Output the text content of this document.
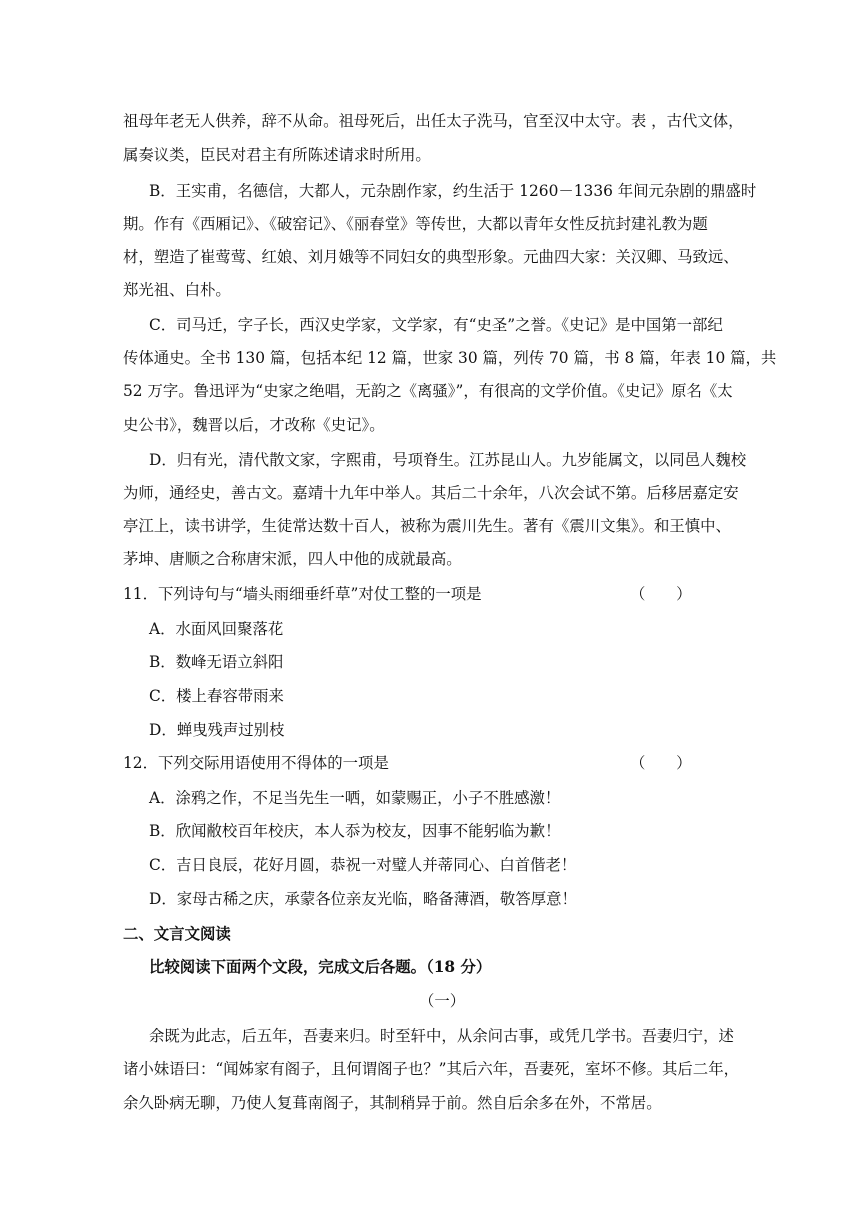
祖母年老无人供养，辞不从命。祖母死后，出任太子洗马，官至汉中太守。表 ，古代文体，
属奏议类，臣民对君主有所陈述请求时所用。
B．王实甫，名德信，大都人，元杂剧作家，约生活于 1260－1336 年间元杂剧的鼎盛时
期。作有《西厢记》、《破窑记》、《丽春堂》等传世，大都以青年女性反抗封建礼教为题
材，塑造了崔莺莺、红娘、刘月娥等不同妇女的典型形象。元曲四大家：关汉卿、马致远、
郑光祖、白朴。
C．司马迁，字子长，西汉史学家，文学家，有“史圣”之誉。《史记》是中国第一部纪
传体通史。全书 130 篇，包括本纪 12 篇，世家 30 篇，列传 70 篇，书 8 篇，年表 10 篇，共
52 万字。鲁迅评为“史家之绝唱，无韵之《离骚》”，有很高的文学价值。《史记》原名《太
史公书》，魏晋以后，才改称《史记》。
D．归有光，清代散文家，字熙甫，号项脊生。江苏昆山人。九岁能属文，以同邑人魏校
为师，通经史，善古文。嘉靖十九年中举人。其后二十余年，八次会试不第。后移居嘉定安
亭江上，读书讲学，生徒常达数十百人，被称为震川先生。著有《震川文集》。和王慎中、
茅坤、唐顺之合称唐宋派，四人中他的成就最高。
11．下列诗句与“墙头雨细垂纤草”对仗工整的一项是	（　　）
A．水面风回聚落花
B．数峰无语立斜阳
C．楼上春容带雨来
D．蝉曳残声过别枝
12．下列交际用语使用不得体的一项是	（　　）
A．涂鸦之作，不足当先生一哂，如蒙赐正，小子不胜感激！
B．欣闻敝校百年校庆，本人忝为校友，因事不能躬临为歉！
C．吉日良辰，花好月圆，恭祝一对璧人并蒂同心、白首偕老！
D．家母古稀之庆，承蒙各位亲友光临，略备薄酒，敬答厚意！
二、文言文阅读
比较阅读下面两个文段，完成文后各题。（18 分）
（一）
余既为此志，后五年，吾妻来归。时至轩中，从余问古事，或凭几学书。吾妻归宁，述
诸小妹语曰：“闻姊家有阁子，且何谓阁子也？”其后六年，吾妻死，室坏不修。其后二年，
余久卧病无聊，乃使人复葺南阁子，其制稍异于前。然自后余多在外，不常居。
